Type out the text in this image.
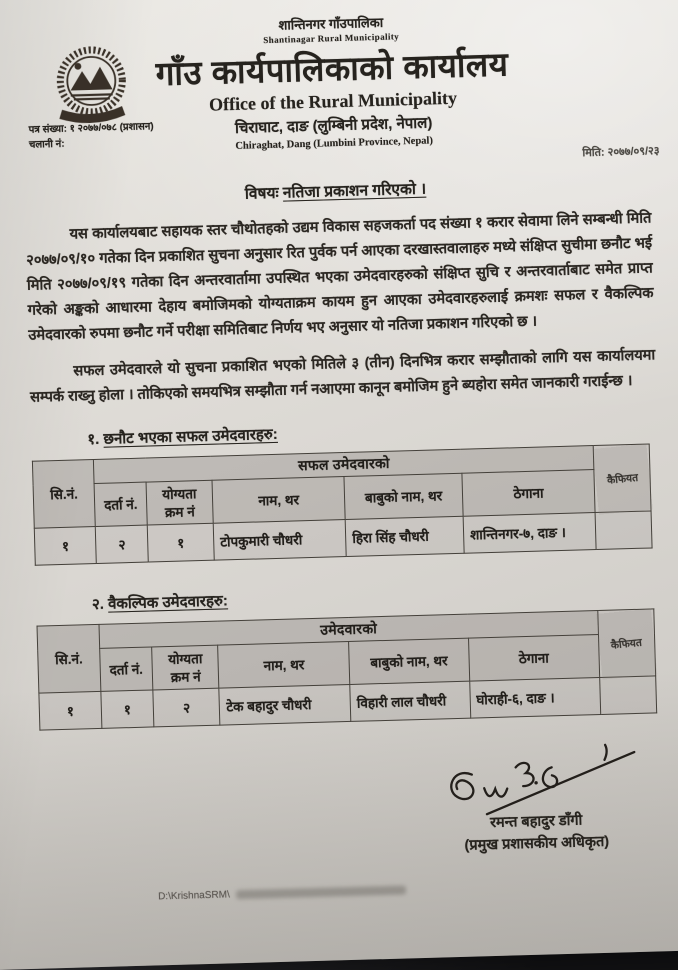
शान्तिनगर गाँउपालिका
Shantinagar Rural Municipality
गाँउ कार्यपालिकाको कार्यालय
Office of the Rural Municipality
चिराघाट, दाङ (लुम्बिनी प्रदेश, नेपाल)
Chiraghat, Dang (Lumbini Province, Nepal)
पत्र संख्या: १ २०७७/०७८ (प्रशासन)
चलानी नं:
मिति: २०७७/०९/२३
विषयः नतिजा प्रकाशन गरिएको ।
यस कार्यालयबाट सहायक स्तर चौथोतहको उद्यम विकास सहजकर्ता पद संख्या १ करार सेवामा लिने सम्बन्धी मिति २०७७/०९/१० गतेका दिन प्रकाशित सुचना अनुसार रित पुर्वक पर्न आएका दरखास्तवालाहरु मध्ये संक्षिप्त सुचीमा छनौट भई मिति २०७७/०९/१९ गतेका दिन अन्तरवार्तामा उपस्थित भएका उमेदवारहरुको संक्षिप्त सुचि र अन्तरवार्ताबाट समेत प्राप्त गरेको अङ्कको आधारमा देहाय बमोजिमको योग्यताक्रम कायम हुन आएका उमेदवारहरुलाई क्रमशः सफल र वैकल्पिक उमेदवारको रुपमा छनौट गर्ने परीक्षा समितिबाट निर्णय भए अनुसार यो नतिजा प्रकाशन गरिएको छ ।
सफल उमेदवारले यो सुचना प्रकाशित भएको मितिले ३ (तीन) दिनभित्र करार सम्झौताको लागि यस कार्यालयमा सम्पर्क राख्नु होला । तोकिएको समयभित्र सम्झौता गर्न नआएमा कानून बमोजिम हुने ब्यहोरा समेत जानकारी गराईन्छ ।
१. छनौट भएका सफल उमेदवारहरु:
सि.नं.	सफल उमेदवारको					कैफियत
	दर्ता नं.	योग्यता क्रम नं	नाम, थर	बाबुको नाम, थर	ठेगाना	
१	२	१	टोपकुमारी चौधरी	हिरा सिंह चौधरी	शान्तिनगर-७, दाङ ।	
२. वैकल्पिक उमेदवारहरु:
सि.नं.	उमेदवारको					कैफियत
	दर्ता नं.	योग्यता क्रम नं	नाम, थर	बाबुको नाम, थर	ठेगाना	
१	१	२	टेक बहादुर चौधरी	विहारी लाल चौधरी	घोराही-६, दाङ ।	
रमन्त बहादुर डाँगी
(प्रमुख प्रशासकीय अधिकृत)
D:\KrishnaSRM\
